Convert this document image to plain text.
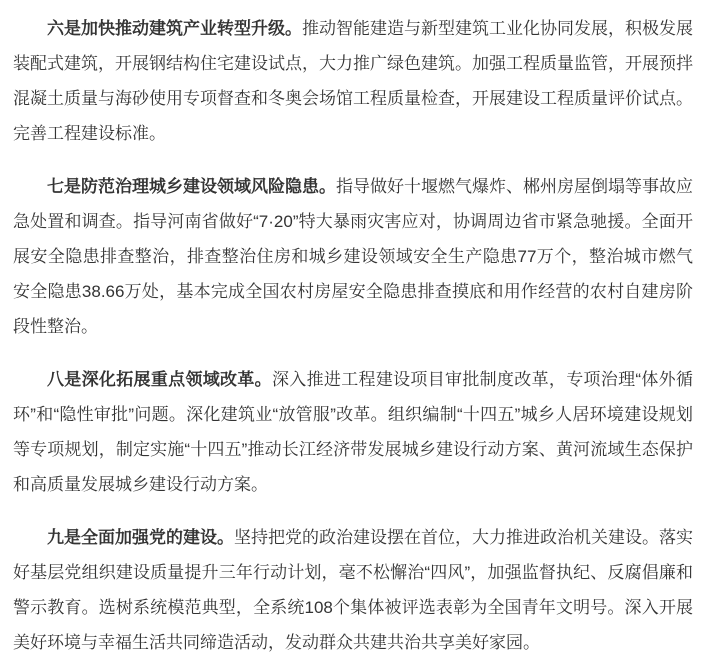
六是加快推动建筑产业转型升级。推动智能建造与新型建筑工业化协同发展，积极发展装配式建筑，开展钢结构住宅建设试点，大力推广绿色建筑。加强工程质量监管，开展预拌混凝土质量与海砂使用专项督查和冬奥会场馆工程质量检查，开展建设工程质量评价试点。完善工程建设标准。

七是防范治理城乡建设领域风险隐患。指导做好十堰燃气爆炸、郴州房屋倒塌等事故应急处置和调查。指导河南省做好“7·20”特大暴雨灾害应对，协调周边省市紧急驰援。全面开展安全隐患排查整治，排查整治住房和城乡建设领域安全生产隐患77万个，整治城市燃气安全隐患38.66万处，基本完成全国农村房屋安全隐患排查摸底和用作经营的农村自建房阶段性整治。

八是深化拓展重点领域改革。深入推进工程建设项目审批制度改革，专项治理“体外循环”和“隐性审批”问题。深化建筑业“放管服”改革。组织编制“十四五”城乡人居环境建设规划等专项规划，制定实施“十四五”推动长江经济带发展城乡建设行动方案、黄河流域生态保护和高质量发展城乡建设行动方案。

九是全面加强党的建设。坚持把党的政治建设摆在首位，大力推进政治机关建设。落实好基层党组织建设质量提升三年行动计划，毫不松懈治“四风”，加强监督执纪、反腐倡廉和警示教育。选树系统模范典型，全系统108个集体被评选表彰为全国青年文明号。深入开展美好环境与幸福生活共同缔造活动，发动群众共建共治共享美好家园。
